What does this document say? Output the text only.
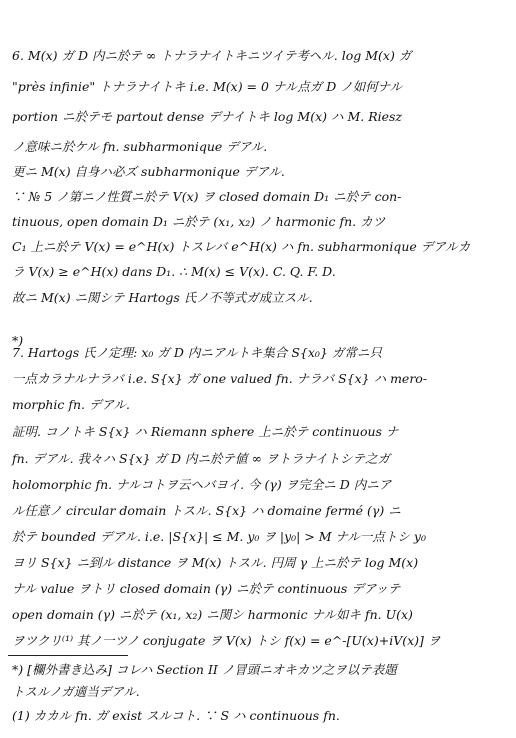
6. M(x) ガ D 内ニ於テ ∞ トナラナイトキニツイテ考ヘル. log M(x) ガ
"près infinie" トナラナイトキ i.e. M(x) = 0 ナル点ガ D ノ如何ナル
portion ニ於テモ partout dense デナイトキ log M(x) ハ M. Riesz
ノ意味ニ於ケル fn. subharmonique デアル.
更ニ M(x) 自身ハ必ズ subharmonique デアル.
∵ № 5 ノ第ニノ性質ニ於テ V(x) ヲ closed domain D₁ ニ於テ con-
tinuous, open domain D₁ ニ於テ (x₁, x₂) ノ harmonic fn. カツ
C₁ 上ニ於テ V(x) = e^H(x) トスレバ e^H(x) ハ fn. subharmonique デアルカ
ラ V(x) ≥ e^H(x) dans D₁. ∴ M(x) ≤ V(x). C. Q. F. D.
故ニ M(x) ニ関シテ Hartogs 氏ノ不等式ガ成立スル.
*)
7. Hartogs 氏ノ定理: x₀ ガ D 内ニアルトキ集合 S{x₀} ガ常ニ只
一点カラナルナラバ i.e. S{x} ガ one valued fn. ナラバ S{x} ハ mero-
morphic fn. デアル.
証明. コノトキ S{x} ハ Riemann sphere 上ニ於テ continuous ナ
fn. デアル. 我々ハ S{x} ガ D 内ニ於テ値 ∞ ヲトラナイトシテ之ガ
holomorphic fn. ナルコトヲ云ヘバヨイ. 今 (γ) ヲ完全ニ D 内ニア
ル任意ノ circular domain トスル. S{x} ハ domaine fermé (γ) ニ
於テ bounded デアル. i.e. |S{x}| ≤ M. y₀ ヲ |y₀| > M ナル一点トシ y₀
ヨリ S{x} ニ到ル distance ヲ M(x) トスル. 円周 γ 上ニ於テ log M(x)
ナル value ヲトリ closed domain (γ) ニ於テ continuous デアッテ
open domain (γ) ニ於テ (x₁, x₂) ニ関シ harmonic ナル如キ fn. U(x)
ヲツクリ⁽¹⁾ 其ノ一ツノ conjugate ヲ V(x) トシ f(x) = e^-[U(x)+iV(x)] ヲ
*) [欄外書き込み] コレハ Section II ノ冒頭ニオキカツ之ヲ以テ表題
トスルノガ適当デアル.
(1) カカル fn. ガ exist スルコト. ∵ S ハ continuous fn.
